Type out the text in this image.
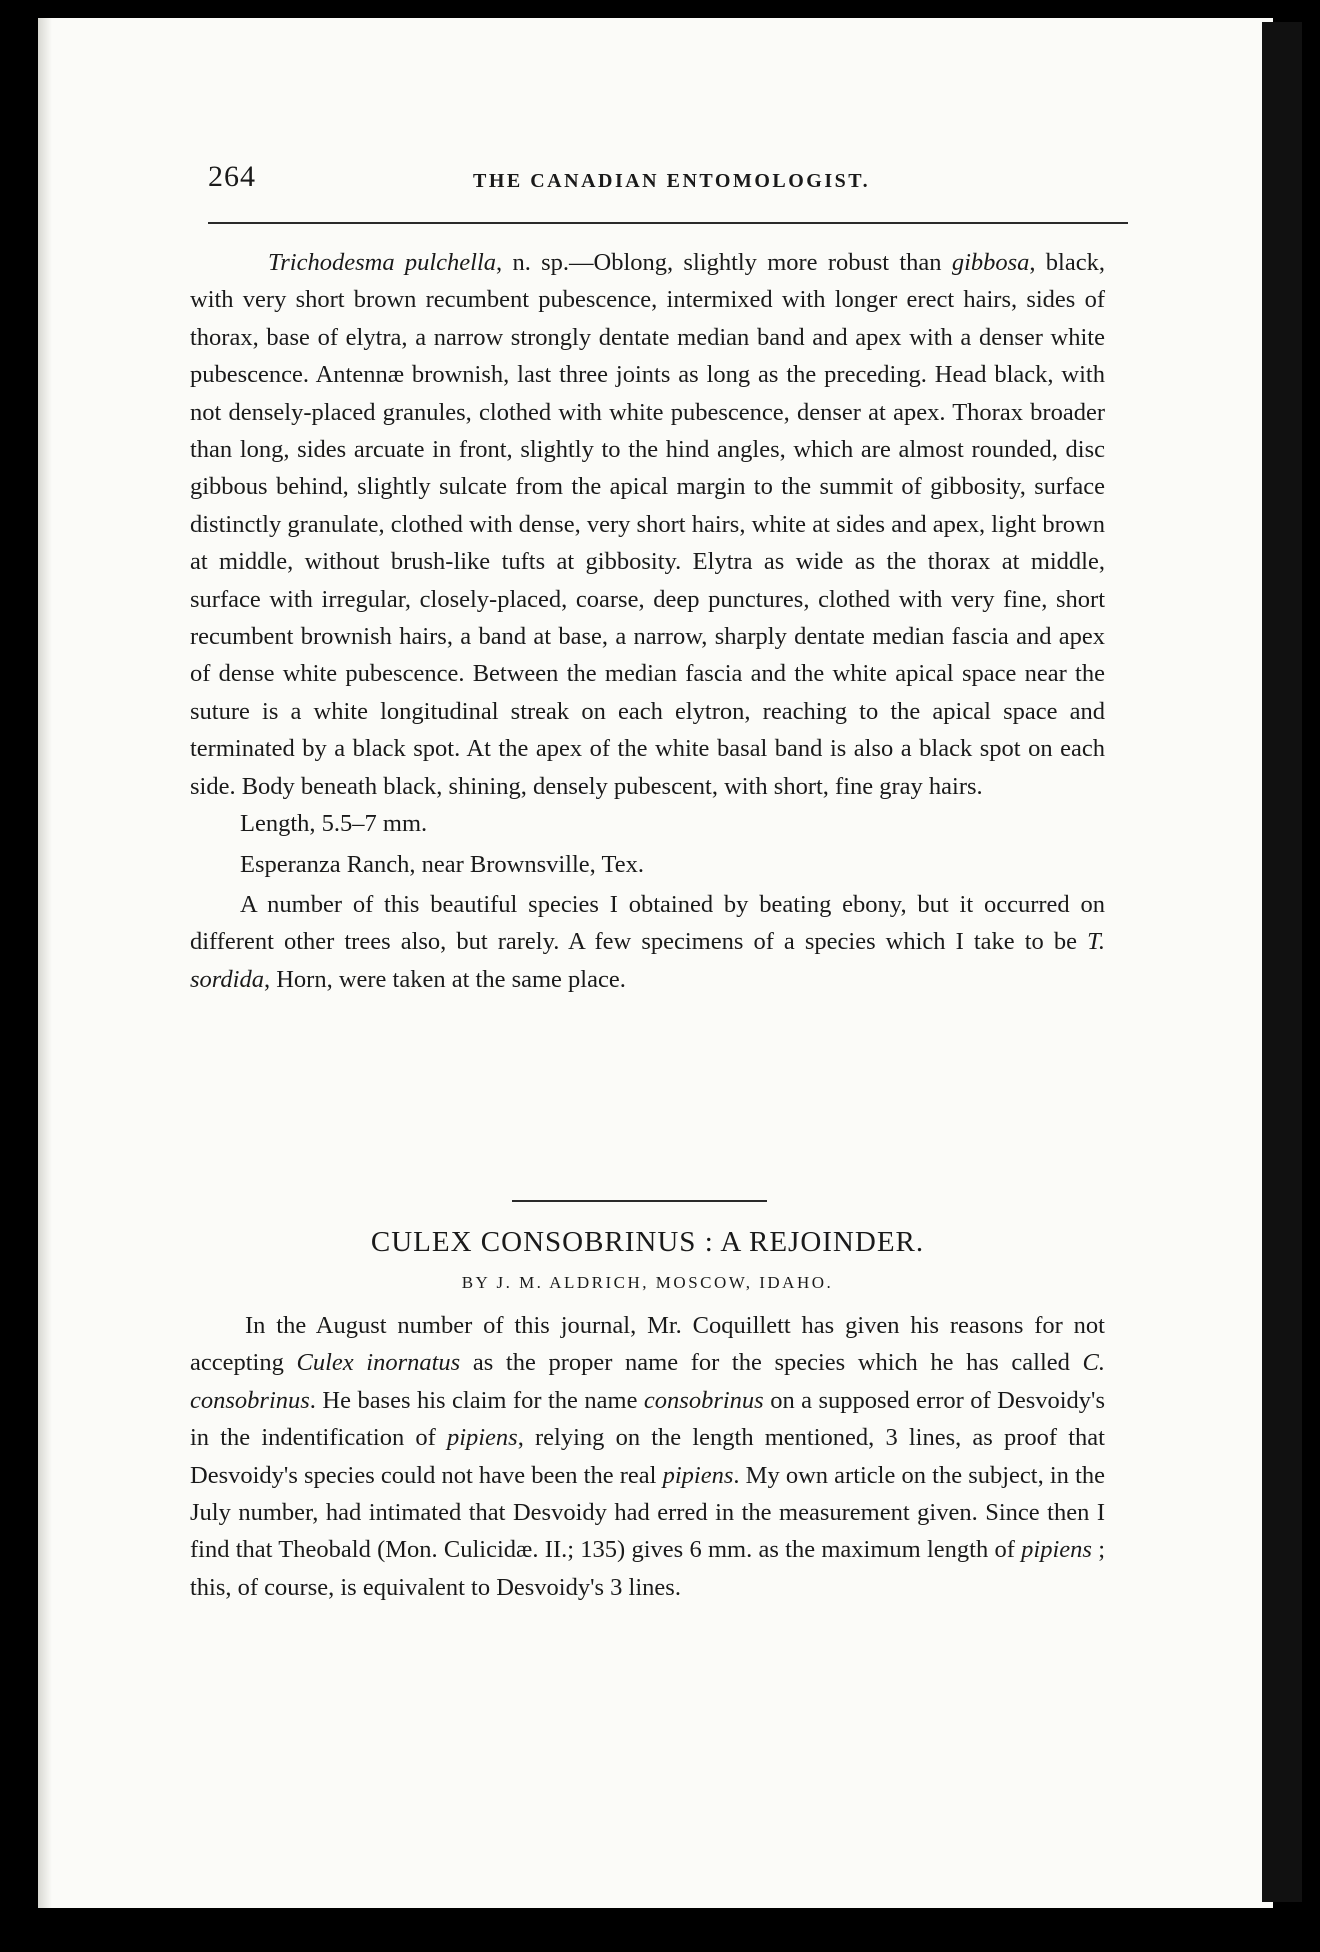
264	THE CANADIAN ENTOMOLOGIST.
Trichodesma pulchella, n. sp.—Oblong, slightly more robust than gibbosa, black, with very short brown recumbent pubescence, intermixed with longer erect hairs, sides of thorax, base of elytra, a narrow strongly dentate median band and apex with a denser white pubescence. Antennæ brownish, last three joints as long as the preceding. Head black, with not densely-placed granules, clothed with white pubescence, denser at apex. Thorax broader than long, sides arcuate in front, slightly to the hind angles, which are almost rounded, disc gibbous behind, slightly sulcate from the apical margin to the summit of gibbosity, surface distinctly granulate, clothed with dense, very short hairs, white at sides and apex, light brown at middle, without brush-like tufts at gibbosity. Elytra as wide as the thorax at middle, surface with irregular, closely-placed, coarse, deep punctures, clothed with very fine, short recumbent brownish hairs, a band at base, a narrow, sharply dentate median fascia and apex of dense white pubescence. Between the median fascia and the white apical space near the suture is a white longitudinal streak on each elytron, reaching to the apical space and terminated by a black spot. At the apex of the white basal band is also a black spot on each side. Body beneath black, shining, densely pubescent, with short, fine gray hairs.
Length, 5.5–7 mm.
Esperanza Ranch, near Brownsville, Tex.
A number of this beautiful species I obtained by beating ebony, but it occurred on different other trees also, but rarely. A few specimens of a species which I take to be T. sordida, Horn, were taken at the same place.
CULEX CONSOBRINUS : A REJOINDER.
BY J. M. ALDRICH, MOSCOW, IDAHO.
In the August number of this journal, Mr. Coquillett has given his reasons for not accepting Culex inornatus as the proper name for the species which he has called C. consobrinus. He bases his claim for the name consobrinus on a supposed error of Desvoidy's in the indentification of pipiens, relying on the length mentioned, 3 lines, as proof that Desvoidy's species could not have been the real pipiens. My own article on the subject, in the July number, had intimated that Desvoidy had erred in the measurement given. Since then I find that Theobald (Mon. Culicidæ. II.; 135) gives 6 mm. as the maximum length of pipiens ; this, of course, is equivalent to Desvoidy's 3 lines.
